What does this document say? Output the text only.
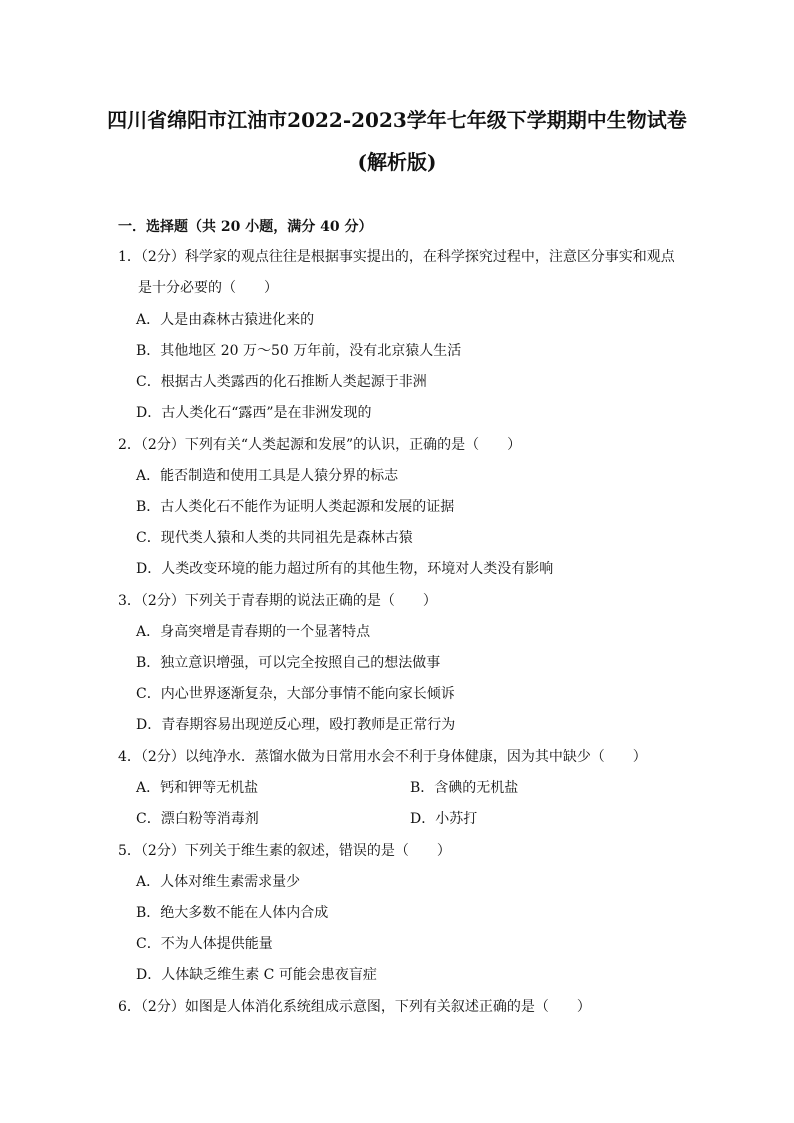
四川省绵阳市江油市2022-2023学年七年级下学期期中生物试卷
(解析版)
一．选择题（共 20 小题，满分 40 分）
1．（2分）科学家的观点往往是根据事实提出的，在科学探究过程中，注意区分事实和观点
是十分必要的（　　）
A．人是由森林古猿进化来的
B．其他地区 20 万～50 万年前，没有北京猿人生活
C．根据古人类露西的化石推断人类起源于非洲
D．古人类化石“露西”是在非洲发现的
2．（2分）下列有关“人类起源和发展”的认识，正确的是（　　）
A．能否制造和使用工具是人猿分界的标志
B．古人类化石不能作为证明人类起源和发展的证据
C．现代类人猿和人类的共同祖先是森林古猿
D．人类改变环境的能力超过所有的其他生物，环境对人类没有影响
3．（2分）下列关于青春期的说法正确的是（　　）
A．身高突增是青春期的一个显著特点
B．独立意识增强，可以完全按照自己的想法做事
C．内心世界逐渐复杂，大部分事情不能向家长倾诉
D．青春期容易出现逆反心理，殴打教师是正常行为
4．（2分）以纯净水．蒸馏水做为日常用水会不利于身体健康，因为其中缺少（　　）
A．钙和钾等无机盐	B．含碘的无机盐
C．漂白粉等消毒剂	D．小苏打
5．（2分）下列关于维生素的叙述，错误的是（　　）
A．人体对维生素需求量少
B．绝大多数不能在人体内合成
C．不为人体提供能量
D．人体缺乏维生素 C 可能会患夜盲症
6．（2分）如图是人体消化系统组成示意图，下列有关叙述正确的是（　　）
